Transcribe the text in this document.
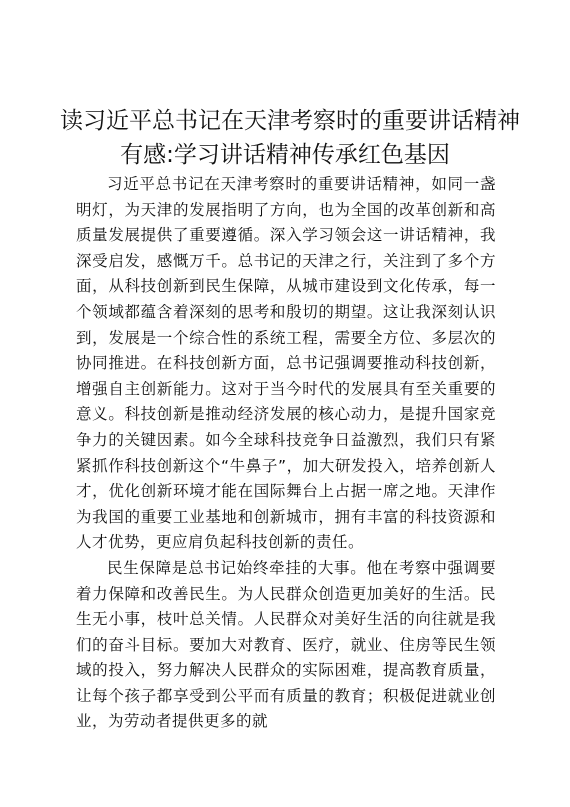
读习近平总书记在天津考察时的重要讲话精神
有感:学习讲话精神传承红色基因

习近平总书记在天津考察时的重要讲话精神，如同一盏明灯，为天津的发展指明了方向，也为全国的改革创新和高质量发展提供了重要遵循。深入学习领会这一讲话精神，我深受启发，感慨万千。总书记的天津之行，关注到了多个方面，从科技创新到民生保障，从城市建设到文化传承，每一个领域都蕴含着深刻的思考和殷切的期望。这让我深刻认识到，发展是一个综合性的系统工程，需要全方位、多层次的协同推进。在科技创新方面，总书记强调要推动科技创新，增强自主创新能力。这对于当今时代的发展具有至关重要的意义。科技创新是推动经济发展的核心动力，是提升国家竞争力的关键因素。如今全球科技竞争日益激烈，我们只有紧紧抓作科技创新这个“牛鼻子”，加大研发投入，培养创新人才，优化创新环境才能在国际舞台上占据一席之地。天津作为我国的重要工业基地和创新城市，拥有丰富的科技资源和人才优势，更应肩负起科技创新的责任。

民生保障是总书记始终牵挂的大事。他在考察中强调要着力保障和改善民生。为人民群众创造更加美好的生活。民生无小事，枝叶总关情。人民群众对美好生活的向往就是我们的奋斗目标。要加大对教育、医疗，就业、住房等民生领域的投入，努力解决人民群众的实际困难，提高教育质量，让每个孩子都享受到公平而有质量的教育；积极促进就业创业，为劳动者提供更多的就
